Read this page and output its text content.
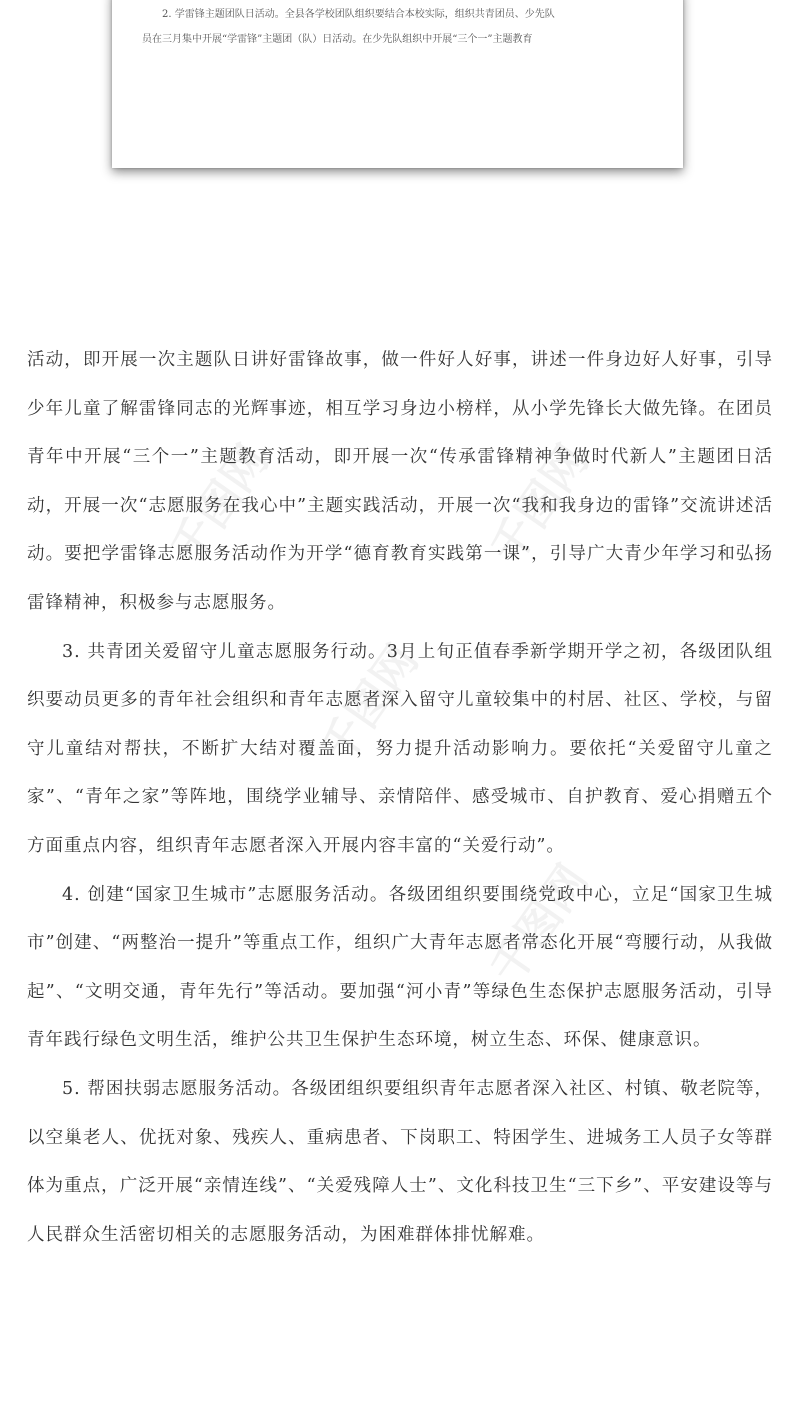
2. 学雷锋主题团队日活动。全县各学校团队组织要结合本校实际，组织共青团员、少先队

员在三月集中开展“学雷锋”主题团（队）日活动。在少先队组织中开展“三个一”主题教育

千图网	千图网
千图网
千图网

活动，即开展一次主题队日讲好雷锋故事，做一件好人好事，讲述一件身边好人好事，引导少年儿童了解雷锋同志的光辉事迹，相互学习身边小榜样，从小学先锋长大做先锋。在团员青年中开展“三个一”主题教育活动，即开展一次“传承雷锋精神争做时代新人”主题团日活动，开展一次“志愿服务在我心中”主题实践活动，开展一次“我和我身边的雷锋”交流讲述活动。要把学雷锋志愿服务活动作为开学“德育教育实践第一课”，引导广大青少年学习和弘扬雷锋精神，积极参与志愿服务。

3. 共青团关爱留守儿童志愿服务行动。3月上旬正值春季新学期开学之初，各级团队组织要动员更多的青年社会组织和青年志愿者深入留守儿童较集中的村居、社区、学校，与留守儿童结对帮扶，不断扩大结对覆盖面，努力提升活动影响力。要依托“关爱留守儿童之家”、“青年之家”等阵地，围绕学业辅导、亲情陪伴、感受城市、自护教育、爱心捐赠五个方面重点内容，组织青年志愿者深入开展内容丰富的“关爱行动”。

4. 创建“国家卫生城市”志愿服务活动。各级团组织要围绕党政中心，立足“国家卫生城市”创建、“两整治一提升”等重点工作，组织广大青年志愿者常态化开展“弯腰行动，从我做起”、“文明交通，青年先行”等活动。要加强“河小青”等绿色生态保护志愿服务活动，引导青年践行绿色文明生活，维护公共卫生保护生态环境，树立生态、环保、健康意识。

5. 帮困扶弱志愿服务活动。各级团组织要组织青年志愿者深入社区、村镇、敬老院等，以空巢老人、优抚对象、残疾人、重病患者、下岗职工、特困学生、进城务工人员子女等群体为重点，广泛开展“亲情连线”、“关爱残障人士”、文化科技卫生“三下乡”、平安建设等与人民群众生活密切相关的志愿服务活动，为困难群体排忧解难。
